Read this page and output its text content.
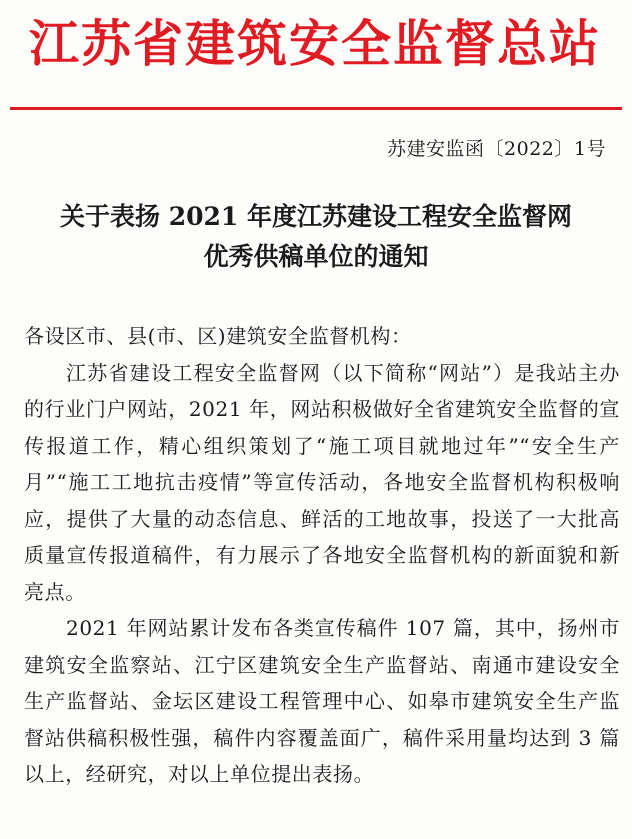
江苏省建筑安全监督总站
苏建安监函〔2022〕1号
关于表扬 2021 年度江苏建设工程安全监督网
优秀供稿单位的通知

各设区市、县(市、区)建筑安全监督机构：

江苏省建设工程安全监督网（以下简称“网站”）是我站主办的行业门户网站，2021 年，网站积极做好全省建筑安全监督的宣传报道工作，精心组织策划了“施工项目就地过年”“安全生产月”“施工工地抗击疫情”等宣传活动，各地安全监督机构积极响应，提供了大量的动态信息、鲜活的工地故事，投送了一大批高质量宣传报道稿件，有力展示了各地安全监督机构的新面貌和新亮点。

2021 年网站累计发布各类宣传稿件 107 篇，其中，扬州市建筑安全监察站、江宁区建筑安全生产监督站、南通市建设安全生产监督站、金坛区建设工程管理中心、如皋市建筑安全生产监督站供稿积极性强，稿件内容覆盖面广，稿件采用量均达到 3 篇以上，经研究，对以上单位提出表扬。
